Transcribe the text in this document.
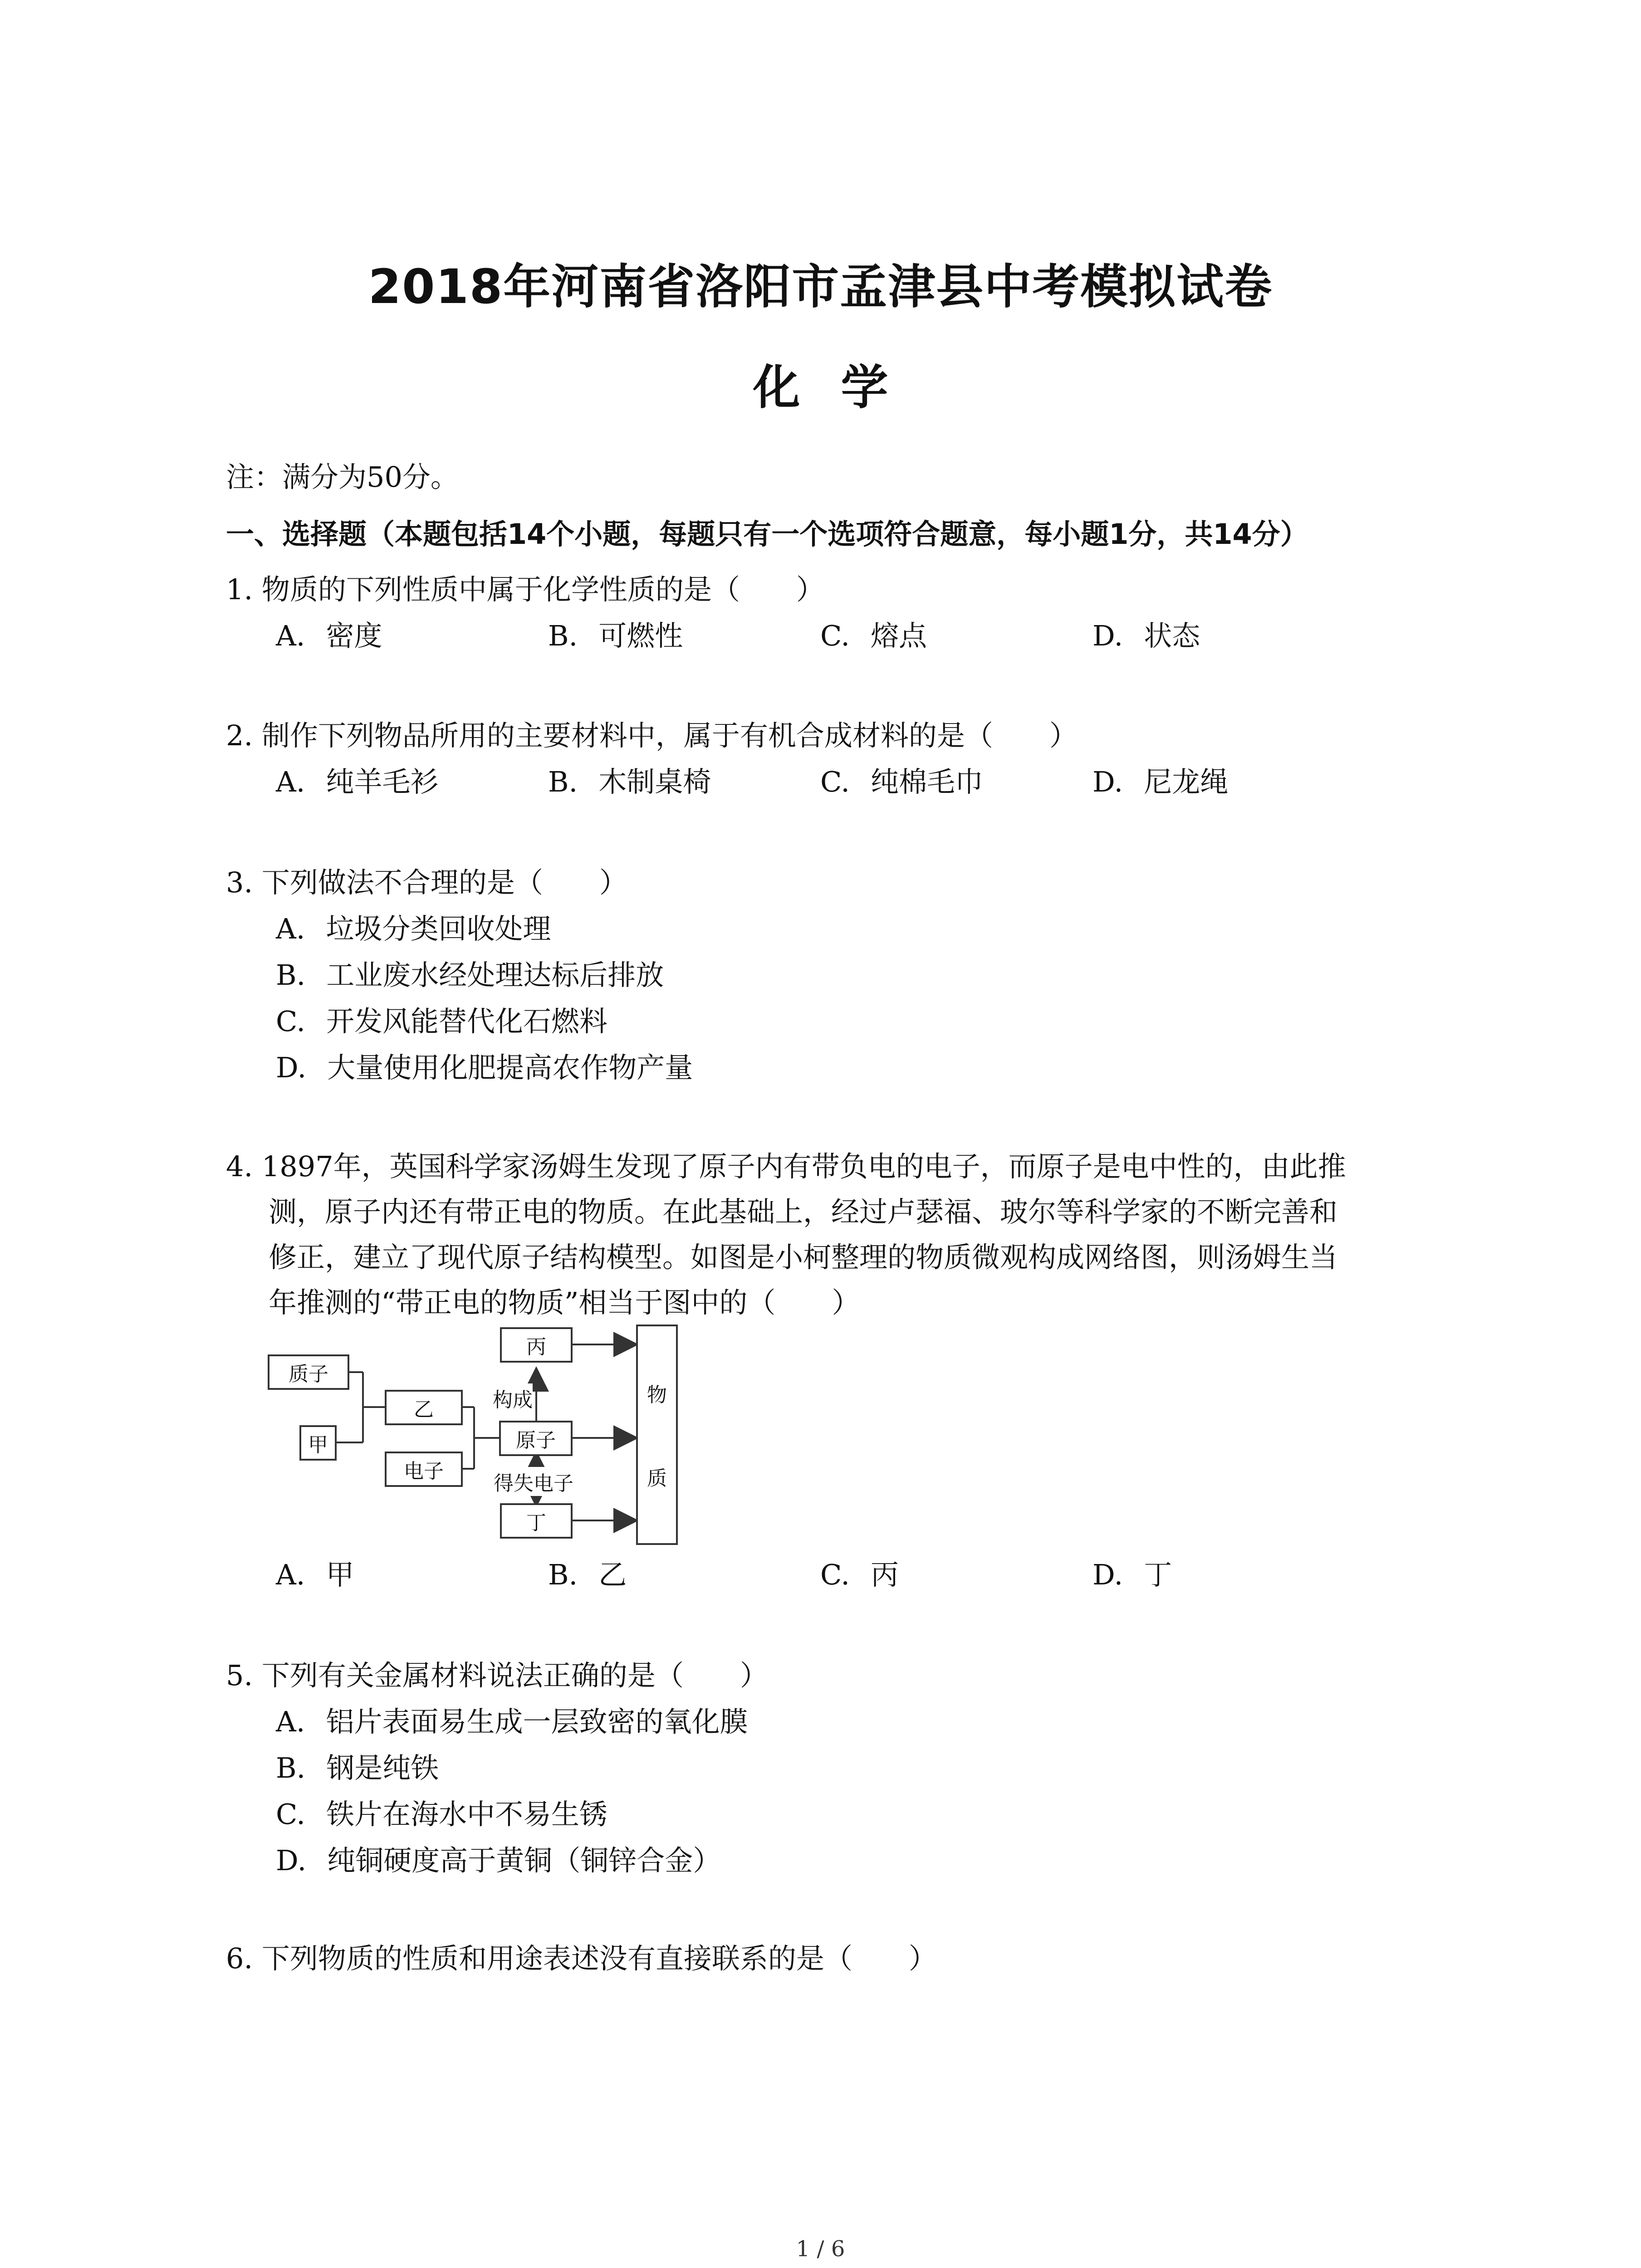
2018年河南省洛阳市孟津县中考模拟试卷
化学
注：满分为50分。
一、选择题（本题包括14个小题，每题只有一个选项符合题意，每小题1分，共14分）
1. 物质的下列性质中属于化学性质的是（　　）
A. 密度	B. 可燃性	C. 熔点	D. 状态
2. 制作下列物品所用的主要材料中，属于有机合成材料的是（　　）
A. 纯羊毛衫	B. 木制桌椅	C. 纯棉毛巾	D. 尼龙绳
3. 下列做法不合理的是（　　）
A. 垃圾分类回收处理
B. 工业废水经处理达标后排放
C. 开发风能替代化石燃料
D. 大量使用化肥提高农作物产量
4. 1897年，英国科学家汤姆生发现了原子内有带负电的电子，而原子是电中性的，由此推
测，原子内还有带正电的物质。在此基础上，经过卢瑟福、玻尔等科学家的不断完善和
修正，建立了现代原子结构模型。如图是小柯整理的物质微观构成网络图，则汤姆生当
年推测的“带正电的物质”相当于图中的（　　）
质子
甲
乙
电子
丙
原子
丁
物
质
构成
得失电子
A. 甲	B. 乙	C. 丙	D. 丁
5. 下列有关金属材料说法正确的是（　　）
A. 铝片表面易生成一层致密的氧化膜
B. 钢是纯铁
C. 铁片在海水中不易生锈
D. 纯铜硬度高于黄铜（铜锌合金）
6. 下列物质的性质和用途表述没有直接联系的是（　　）
1 / 6
